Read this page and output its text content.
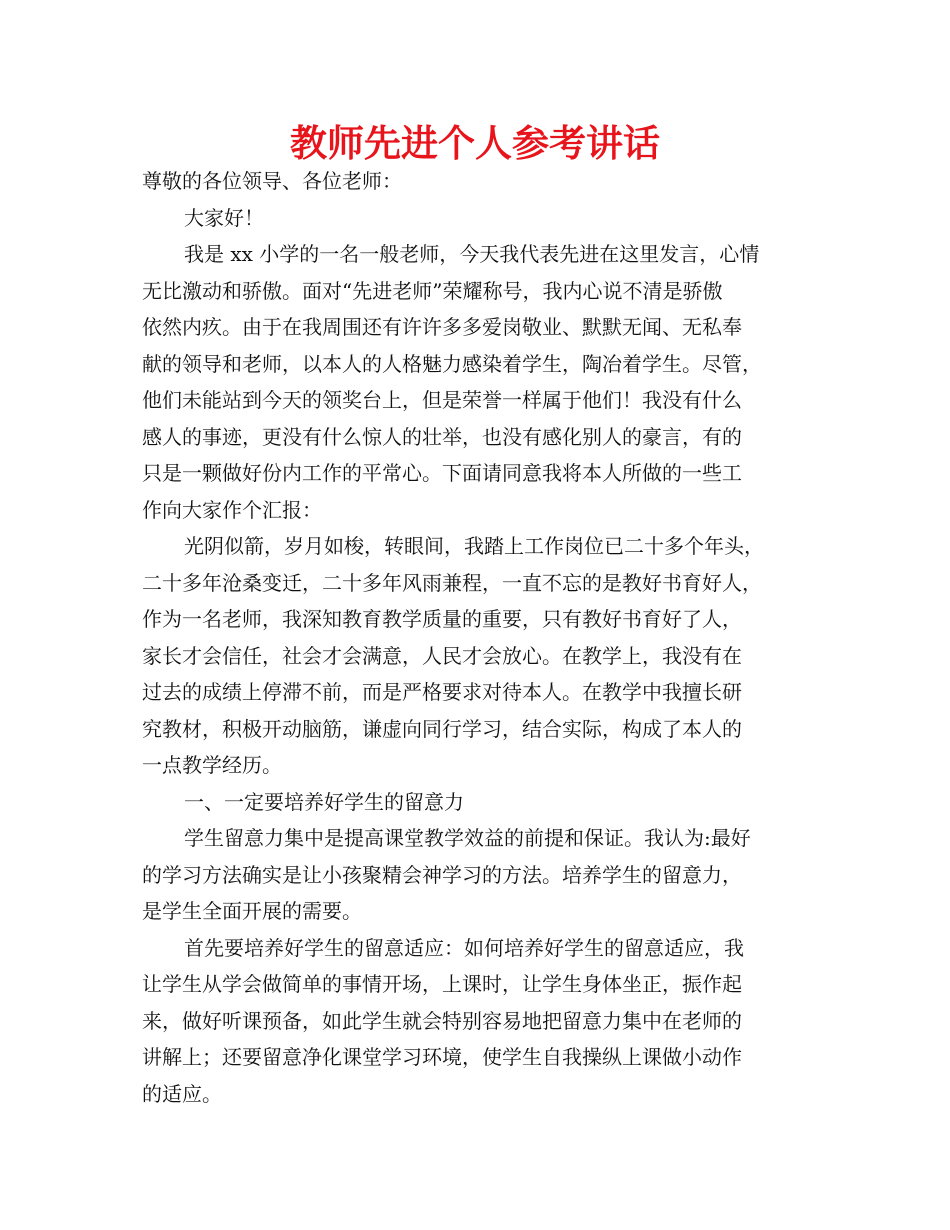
教师先进个人参考讲话
尊敬的各位领导、各位老师：
大家好！
我是 xx 小学的一名一般老师，今天我代表先进在这里发言，心情
无比激动和骄傲。面对“先进老师”荣耀称号，我内心说不清是骄傲
依然内疚。由于在我周围还有许许多多爱岗敬业、默默无闻、无私奉
献的领导和老师，以本人的人格魅力感染着学生，陶冶着学生。尽管，
他们未能站到今天的领奖台上，但是荣誉一样属于他们！我没有什么
感人的事迹，更没有什么惊人的壮举，也没有感化别人的豪言，有的
只是一颗做好份内工作的平常心。下面请同意我将本人所做的一些工
作向大家作个汇报：
光阴似箭，岁月如梭，转眼间，我踏上工作岗位已二十多个年头，
二十多年沧桑变迁，二十多年风雨兼程，一直不忘的是教好书育好人，
作为一名老师，我深知教育教学质量的重要，只有教好书育好了人，
家长才会信任，社会才会满意，人民才会放心。在教学上，我没有在
过去的成绩上停滞不前，而是严格要求对待本人。在教学中我擅长研
究教材，积极开动脑筋，谦虚向同行学习，结合实际，构成了本人的
一点教学经历。
一、一定要培养好学生的留意力
学生留意力集中是提高课堂教学效益的前提和保证。我认为:最好
的学习方法确实是让小孩聚精会神学习的方法。培养学生的留意力，
是学生全面开展的需要。
首先要培养好学生的留意适应：如何培养好学生的留意适应，我
让学生从学会做简单的事情开场，上课时，让学生身体坐正，振作起
来，做好听课预备，如此学生就会特别容易地把留意力集中在老师的
讲解上；还要留意净化课堂学习环境，使学生自我操纵上课做小动作
的适应。
